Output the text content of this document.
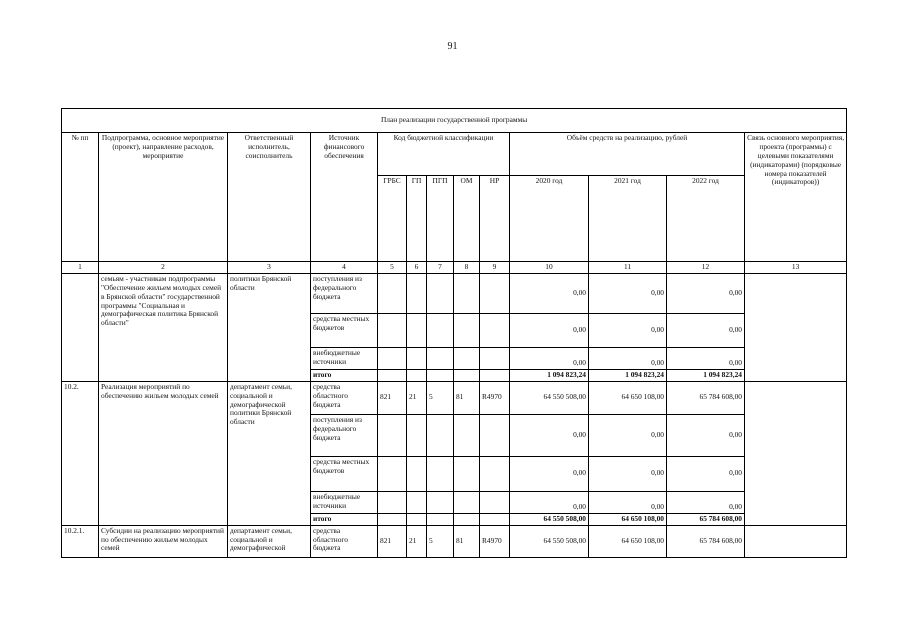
91
План реализации государственной программы												
№ пп	Подпрограмма, основное мероприятие (проект), направление расходов, мероприятие	Ответственный исполнитель, соисполнитель	Источник финансового обеспечения	Код бюджетной классификации					Объём средств на реализацию, рублей			Связь основного мероприятия, проекта (программы) с целевыми показателями (индикаторами) (порядковые номера показателей (индикаторов))
				ГРБС	ГП	ПГП	ОМ	НР	2020 год	2021 год	2022 год	
1	2	3	4	5	6	7	8	9	10	11	12	13
	семьям - участникам подпрограммы "Обеспечение жильем молодых семей в Брянской области" государственной программы "Социальная и демографическая политика Брянской области"	политики Брянской области	поступления из федерального бюджета						0,00	0,00	0,00	
			средства местных бюджетов						0,00	0,00	0,00	
			внебюджетные источники						0,00	0,00	0,00	
			итого						1 094 823,24	1 094 823,24	1 094 823,24	
10.2.	Реализация мероприятий по обеспечению жильем молодых семей	департамент семьи, социальной и демографической политики Брянской области	средства областного бюджета	821	21	5	81	R4970	64 550 508,00	64 650 108,00	65 784 608,00	
			поступления из федерального бюджета						0,00	0,00	0,00	
			средства местных бюджетов						0,00	0,00	0,00	
			внебюджетные источники						0,00	0,00	0,00	
			итого						64 550 508,00	64 650 108,00	65 784 608,00	
10.2.1.	Субсидии на реализацию мероприятий по обеспечению жильем молодых семей	департамент семьи, социальной и демографической	средства областного бюджета	821	21	5	81	R4970	64 550 508,00	64 650 108,00	65 784 608,00	
